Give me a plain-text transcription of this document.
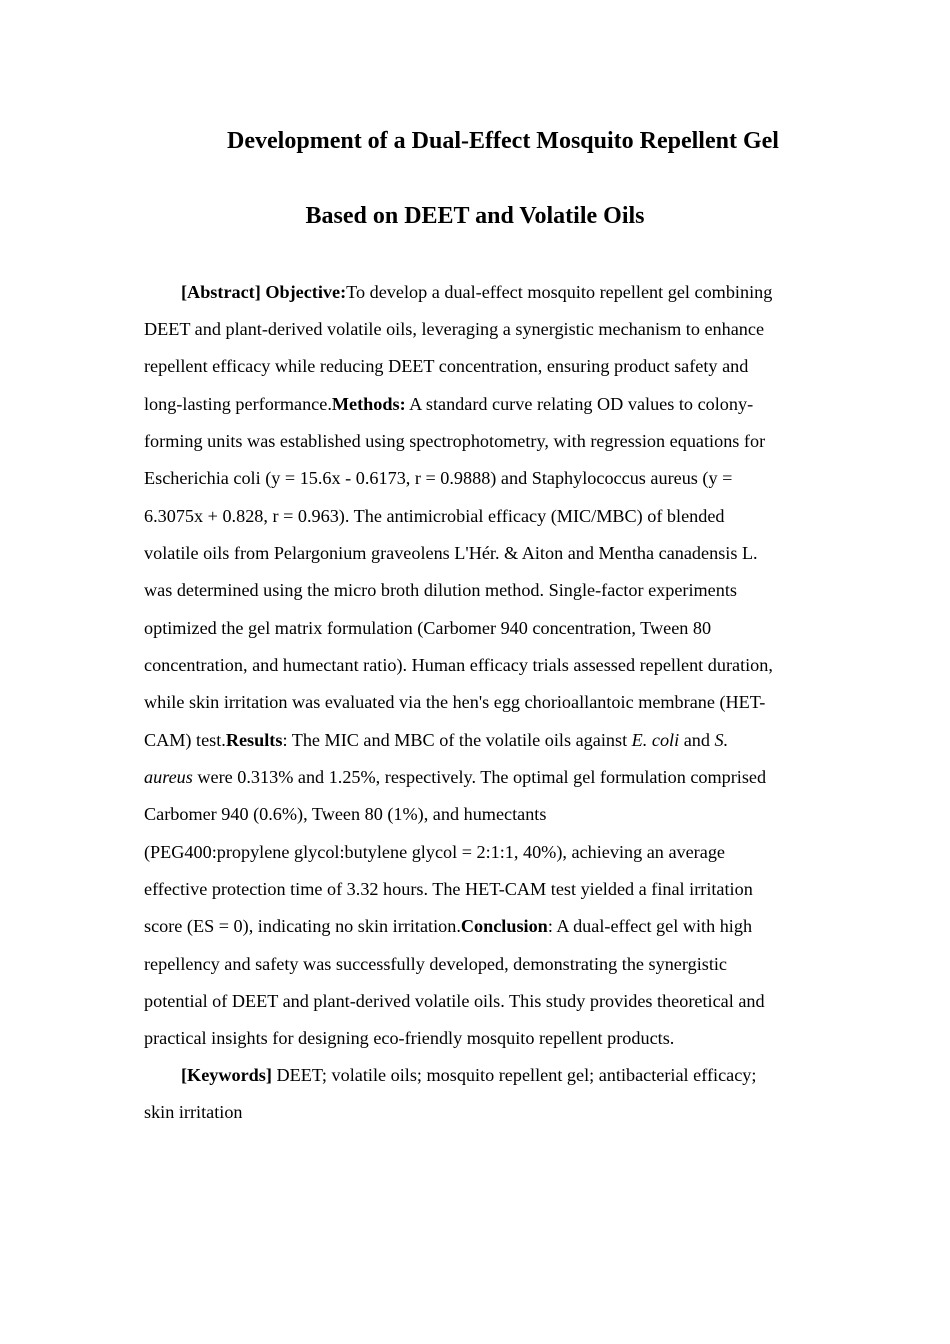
Development of a Dual-Effect Mosquito Repellent Gel
Based on DEET and Volatile Oils
[Abstract] Objective:To develop a dual-effect mosquito repellent gel combining
DEET and plant-derived volatile oils, leveraging a synergistic mechanism to enhance
repellent efficacy while reducing DEET concentration, ensuring product safety and
long-lasting performance.Methods: A standard curve relating OD values to colony-
forming units was established using spectrophotometry, with regression equations for
Escherichia coli (y = 15.6x - 0.6173, r = 0.9888) and Staphylococcus aureus (y =
6.3075x + 0.828, r = 0.963). The antimicrobial efficacy (MIC/MBC) of blended
volatile oils from Pelargonium graveolens L'Hér. & Aiton and Mentha canadensis L.
was determined using the micro broth dilution method. Single-factor experiments
optimized the gel matrix formulation (Carbomer 940 concentration, Tween 80
concentration, and humectant ratio). Human efficacy trials assessed repellent duration,
while skin irritation was evaluated via the hen's egg chorioallantoic membrane (HET-
CAM) test.Results: The MIC and MBC of the volatile oils against E. coli and S.
aureus were 0.313% and 1.25%, respectively. The optimal gel formulation comprised
Carbomer 940 (0.6%), Tween 80 (1%), and humectants
(PEG400:propylene glycol:butylene glycol = 2:1:1, 40%), achieving an average
effective protection time of 3.32 hours. The HET-CAM test yielded a final irritation
score (ES = 0), indicating no skin irritation.Conclusion: A dual-effect gel with high
repellency and safety was successfully developed, demonstrating the synergistic
potential of DEET and plant-derived volatile oils. This study provides theoretical and
practical insights for designing eco-friendly mosquito repellent products.
[Keywords] DEET; volatile oils; mosquito repellent gel; antibacterial efficacy;
skin irritation
